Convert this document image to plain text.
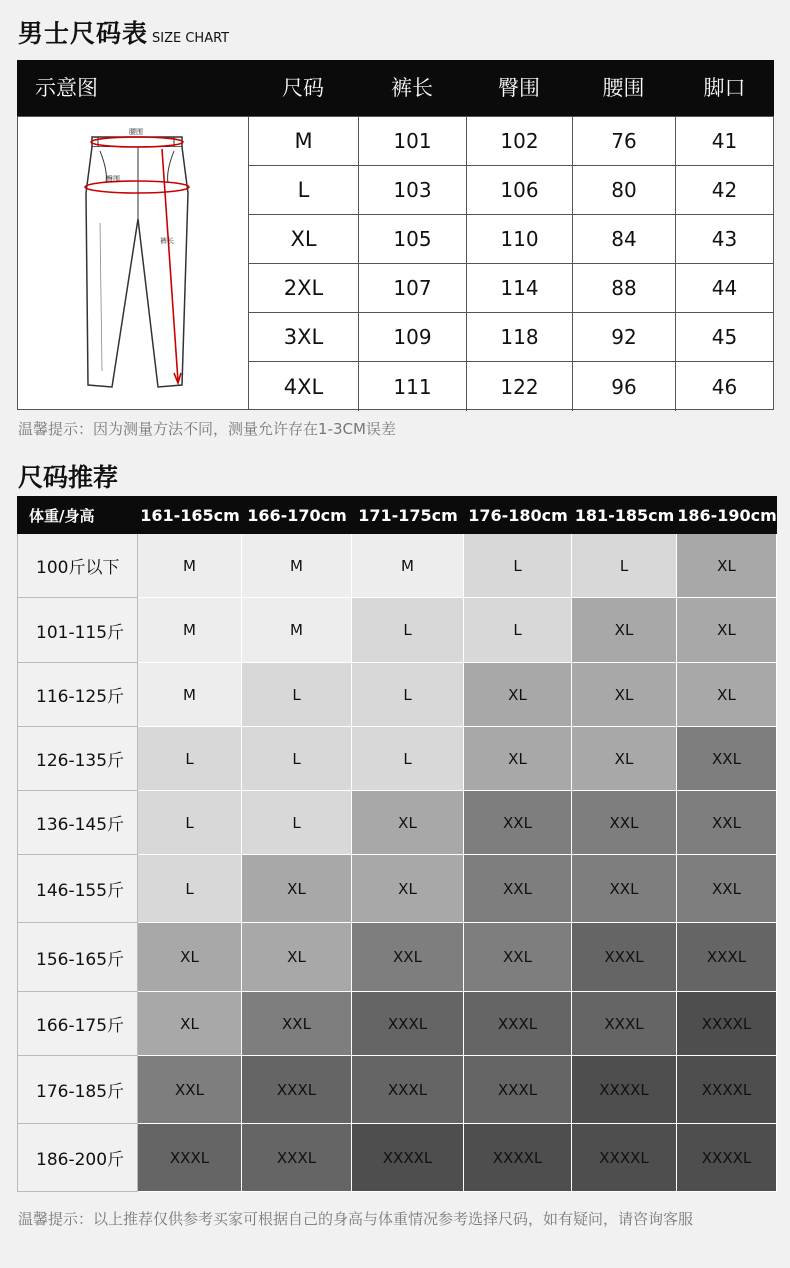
男士尺码表 SIZE CHART
示意图	尺码	裤长	臀围	腰围	脚口
腰围
臀围
裤长
M	101	102	76	41
L	103	106	80	42
XL	105	110	84	43
2XL	107	114	88	44
3XL	109	118	92	45
4XL	111	122	96	46
温馨提示：因为测量方法不同，测量允许存在1-3CM误差
尺码推荐
体重/身高	161-165cm 166-170cm 171-175cm 176-180cm 181-185cm 186-190cm
100斤以下	M	M	M	L	L	XL
101-115斤	M	M	L	L	XL	XL
116-125斤	M	L	L	XL	XL	XL
126-135斤	L	L	L	XL	XL	XXL
136-145斤	L	L	XL	XXL	XXL	XXL
146-155斤	L	XL	XL	XXL	XXL	XXL
156-165斤	XL	XL	XXL	XXL	XXXL	XXXL
166-175斤	XL	XXL	XXXL	XXXL	XXXL	XXXXL
176-185斤	XXL	XXXL	XXXL	XXXL	XXXXL	XXXXL
186-200斤	XXXL	XXXL	XXXXL	XXXXL	XXXXL	XXXXL
温馨提示：以上推荐仅供参考买家可根据自己的身高与体重情况参考选择尺码，如有疑问，请咨询客服
